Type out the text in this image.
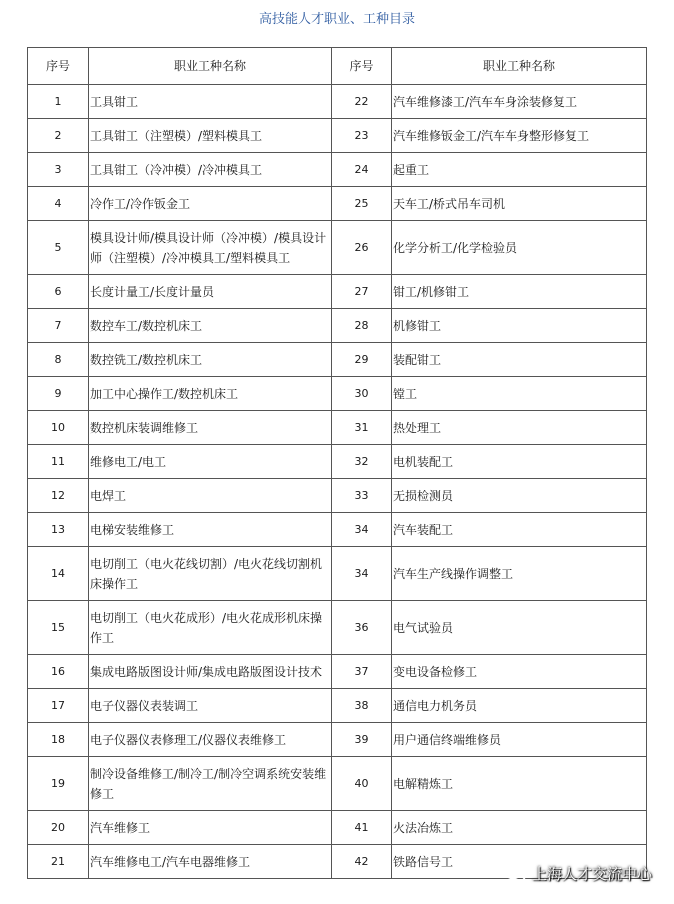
高技能人才职业、工种目录
序号	职业工种名称	序号	职业工种名称
1	工具钳工	22	汽车维修漆工/汽车车身涂装修复工
2	工具钳工（注塑模）/塑料模具工	23	汽车维修钣金工/汽车车身整形修复工
3	工具钳工（冷冲模）/冷冲模具工	24	起重工
4	冷作工/冷作钣金工	25	天车工/桥式吊车司机
5	模具设计师/模具设计师（冷冲模）/模具设计师（注塑模）/冷冲模具工/塑料模具工	26	化学分析工/化学检验员
6	长度计量工/长度计量员	27	钳工/机修钳工
7	数控车工/数控机床工	28	机修钳工
8	数控铣工/数控机床工	29	装配钳工
9	加工中心操作工/数控机床工	30	镗工
10	数控机床装调维修工	31	热处理工
11	维修电工/电工	32	电机装配工
12	电焊工	33	无损检测员
13	电梯安装维修工	34	汽车装配工
14	电切削工（电火花线切割）/电火花线切割机床操作工	34	汽车生产线操作调整工
15	电切削工（电火花成形）/电火花成形机床操作工	36	电气试验员
16	集成电路版图设计师/集成电路版图设计技术	37	变电设备检修工
17	电子仪器仪表装调工	38	通信电力机务员
18	电子仪器仪表修理工/仪器仪表维修工	39	用户通信终端维修员
19	制冷设备维修工/制冷工/制冷空调系统安装维修工	40	电解精炼工
20	汽车维修工	41	火法冶炼工
21	汽车维修电工/汽车电器维修工	42	铁路信号工
上海人才交流中心
